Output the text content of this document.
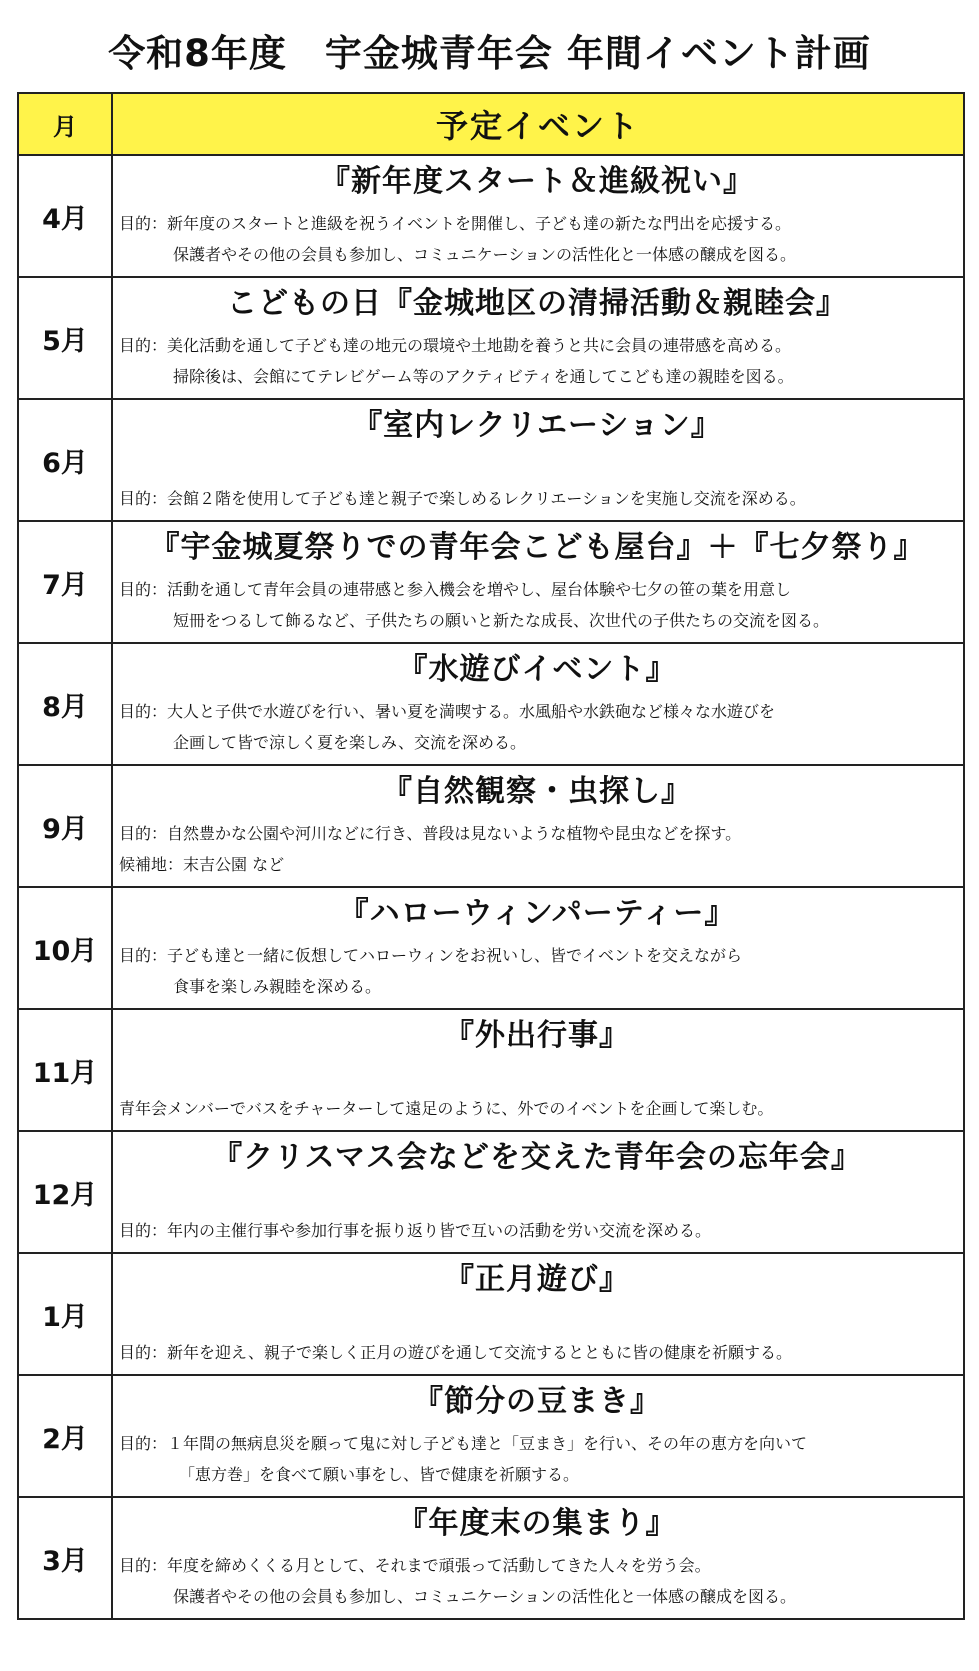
令和8年度　宇金城青年会 年間イベント計画
月	予定イベント
4月	『新年度スタート＆進級祝い』
目的：新年度のスタートと進級を祝うイベントを開催し、子ども達の新たな門出を応援する。
保護者やその他の会員も参加し、コミュニケーションの活性化と一体感の醸成を図る。

5月	こどもの日『金城地区の清掃活動＆親睦会』
目的：美化活動を通して子ども達の地元の環境や土地勘を養うと共に会員の連帯感を高める。
掃除後は、会館にてテレビゲーム等のアクティビティを通してこども達の親睦を図る。

6月	『室内レクリエーション』
目的：会館２階を使用して子ども達と親子で楽しめるレクリエーションを実施し交流を深める。

7月	『宇金城夏祭りでの青年会こども屋台』＋『七夕祭り』
目的：活動を通して青年会員の連帯感と参入機会を増やし、屋台体験や七夕の笹の葉を用意し
短冊をつるして飾るなど、子供たちの願いと新たな成長、次世代の子供たちの交流を図る。

8月	『水遊びイベント』
目的：大人と子供で水遊びを行い、暑い夏を満喫する。水風船や水鉄砲など様々な水遊びを
企画して皆で涼しく夏を楽しみ、交流を深める。

9月	『自然観察・虫探し』
目的：自然豊かな公園や河川などに行き、普段は見ないような植物や昆虫などを探す。
候補地：末吉公園 など

10月	『ハローウィンパーティー』
目的：子ども達と一緒に仮想してハローウィンをお祝いし、皆でイベントを交えながら
食事を楽しみ親睦を深める。

11月	『外出行事』
青年会メンバーでバスをチャーターして遠足のように、外でのイベントを企画して楽しむ。

12月	『クリスマス会などを交えた青年会の忘年会』
目的：年内の主催行事や参加行事を振り返り皆で互いの活動を労い交流を深める。

1月	『正月遊び』
目的：新年を迎え、親子で楽しく正月の遊びを通して交流するとともに皆の健康を祈願する。

2月	『節分の豆まき』
目的：１年間の無病息災を願って鬼に対し子ども達と「豆まき」を行い、その年の恵方を向いて
「恵方巻」を食べて願い事をし、皆で健康を祈願する。

3月	『年度末の集まり』
目的：年度を締めくくる月として、それまで頑張って活動してきた人々を労う会。
保護者やその他の会員も参加し、コミュニケーションの活性化と一体感の醸成を図る。
